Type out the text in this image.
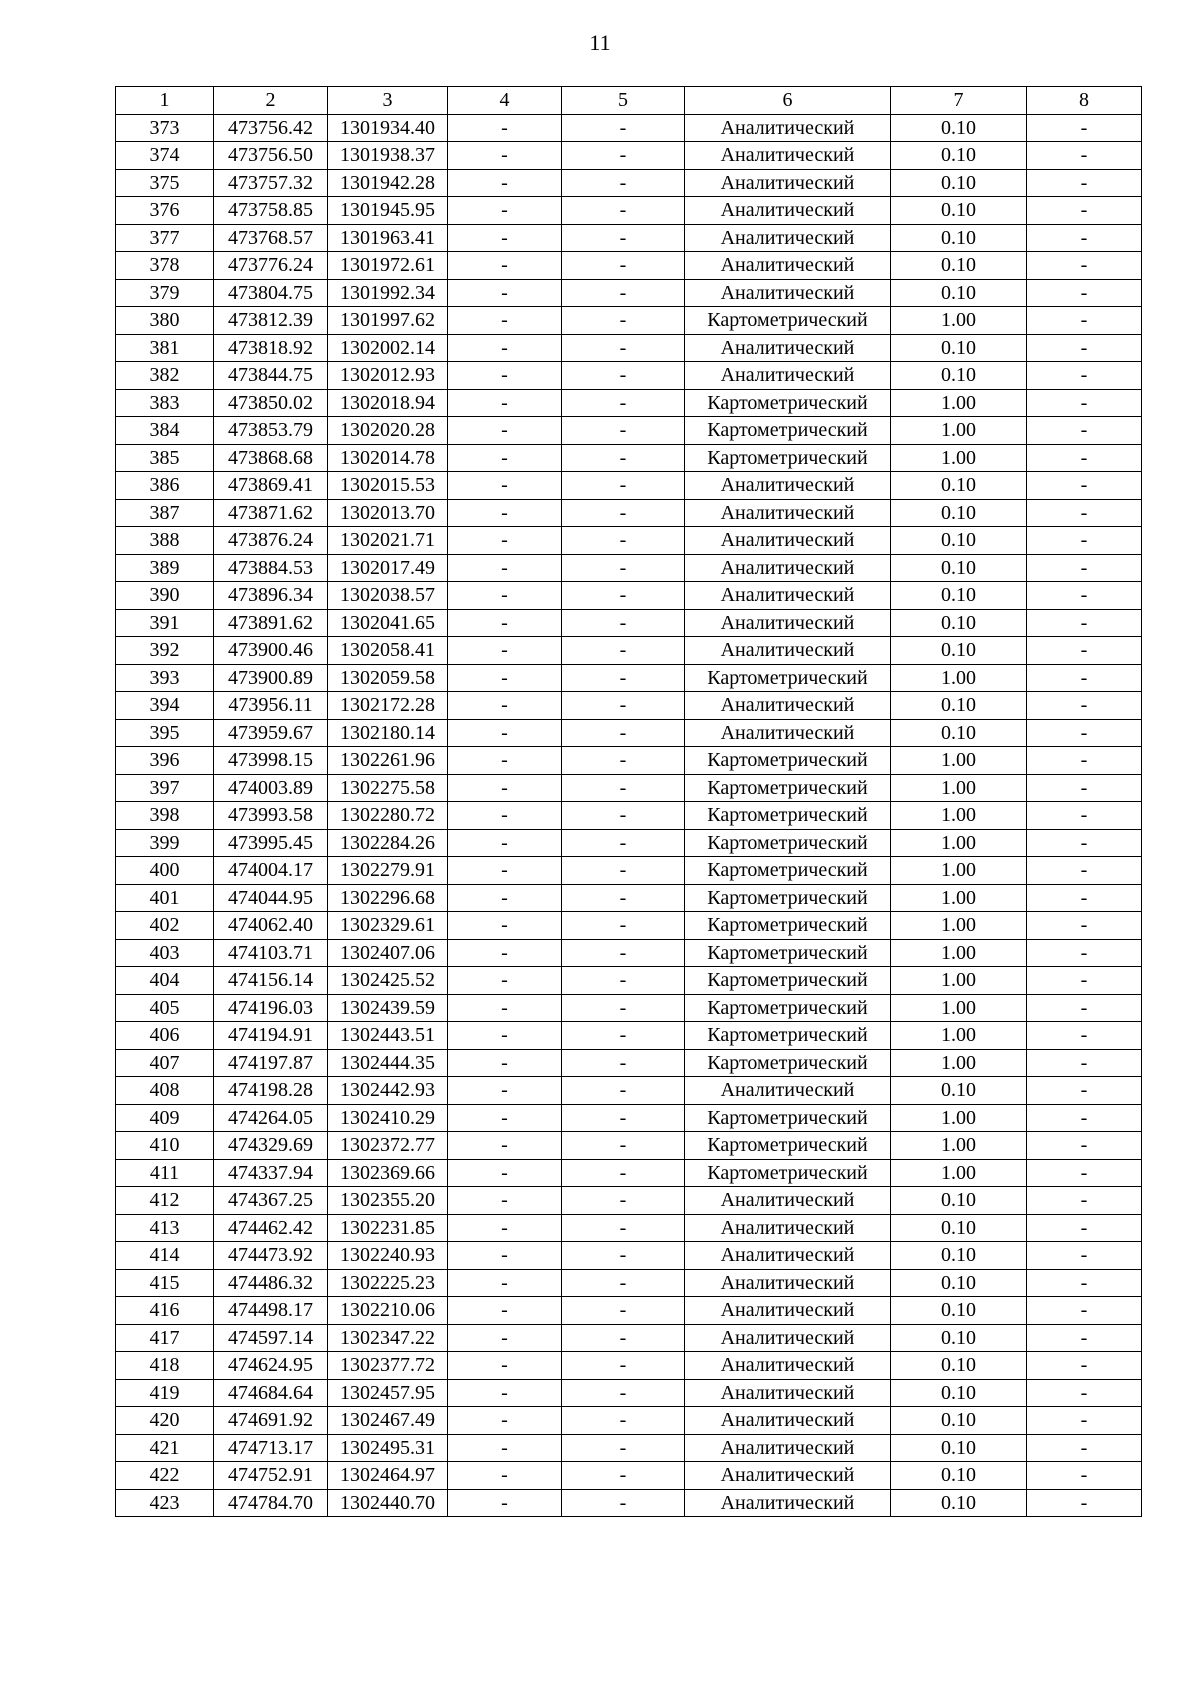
11
1	2	3	4	5	6	7	8
373	473756.42	1301934.40	-	-	Аналитический	0.10	-
374	473756.50	1301938.37	-	-	Аналитический	0.10	-
375	473757.32	1301942.28	-	-	Аналитический	0.10	-
376	473758.85	1301945.95	-	-	Аналитический	0.10	-
377	473768.57	1301963.41	-	-	Аналитический	0.10	-
378	473776.24	1301972.61	-	-	Аналитический	0.10	-
379	473804.75	1301992.34	-	-	Аналитический	0.10	-
380	473812.39	1301997.62	-	-	Картометрический	1.00	-
381	473818.92	1302002.14	-	-	Аналитический	0.10	-
382	473844.75	1302012.93	-	-	Аналитический	0.10	-
383	473850.02	1302018.94	-	-	Картометрический	1.00	-
384	473853.79	1302020.28	-	-	Картометрический	1.00	-
385	473868.68	1302014.78	-	-	Картометрический	1.00	-
386	473869.41	1302015.53	-	-	Аналитический	0.10	-
387	473871.62	1302013.70	-	-	Аналитический	0.10	-
388	473876.24	1302021.71	-	-	Аналитический	0.10	-
389	473884.53	1302017.49	-	-	Аналитический	0.10	-
390	473896.34	1302038.57	-	-	Аналитический	0.10	-
391	473891.62	1302041.65	-	-	Аналитический	0.10	-
392	473900.46	1302058.41	-	-	Аналитический	0.10	-
393	473900.89	1302059.58	-	-	Картометрический	1.00	-
394	473956.11	1302172.28	-	-	Аналитический	0.10	-
395	473959.67	1302180.14	-	-	Аналитический	0.10	-
396	473998.15	1302261.96	-	-	Картометрический	1.00	-
397	474003.89	1302275.58	-	-	Картометрический	1.00	-
398	473993.58	1302280.72	-	-	Картометрический	1.00	-
399	473995.45	1302284.26	-	-	Картометрический	1.00	-
400	474004.17	1302279.91	-	-	Картометрический	1.00	-
401	474044.95	1302296.68	-	-	Картометрический	1.00	-
402	474062.40	1302329.61	-	-	Картометрический	1.00	-
403	474103.71	1302407.06	-	-	Картометрический	1.00	-
404	474156.14	1302425.52	-	-	Картометрический	1.00	-
405	474196.03	1302439.59	-	-	Картометрический	1.00	-
406	474194.91	1302443.51	-	-	Картометрический	1.00	-
407	474197.87	1302444.35	-	-	Картометрический	1.00	-
408	474198.28	1302442.93	-	-	Аналитический	0.10	-
409	474264.05	1302410.29	-	-	Картометрический	1.00	-
410	474329.69	1302372.77	-	-	Картометрический	1.00	-
411	474337.94	1302369.66	-	-	Картометрический	1.00	-
412	474367.25	1302355.20	-	-	Аналитический	0.10	-
413	474462.42	1302231.85	-	-	Аналитический	0.10	-
414	474473.92	1302240.93	-	-	Аналитический	0.10	-
415	474486.32	1302225.23	-	-	Аналитический	0.10	-
416	474498.17	1302210.06	-	-	Аналитический	0.10	-
417	474597.14	1302347.22	-	-	Аналитический	0.10	-
418	474624.95	1302377.72	-	-	Аналитический	0.10	-
419	474684.64	1302457.95	-	-	Аналитический	0.10	-
420	474691.92	1302467.49	-	-	Аналитический	0.10	-
421	474713.17	1302495.31	-	-	Аналитический	0.10	-
422	474752.91	1302464.97	-	-	Аналитический	0.10	-
423	474784.70	1302440.70	-	-	Аналитический	0.10	-
